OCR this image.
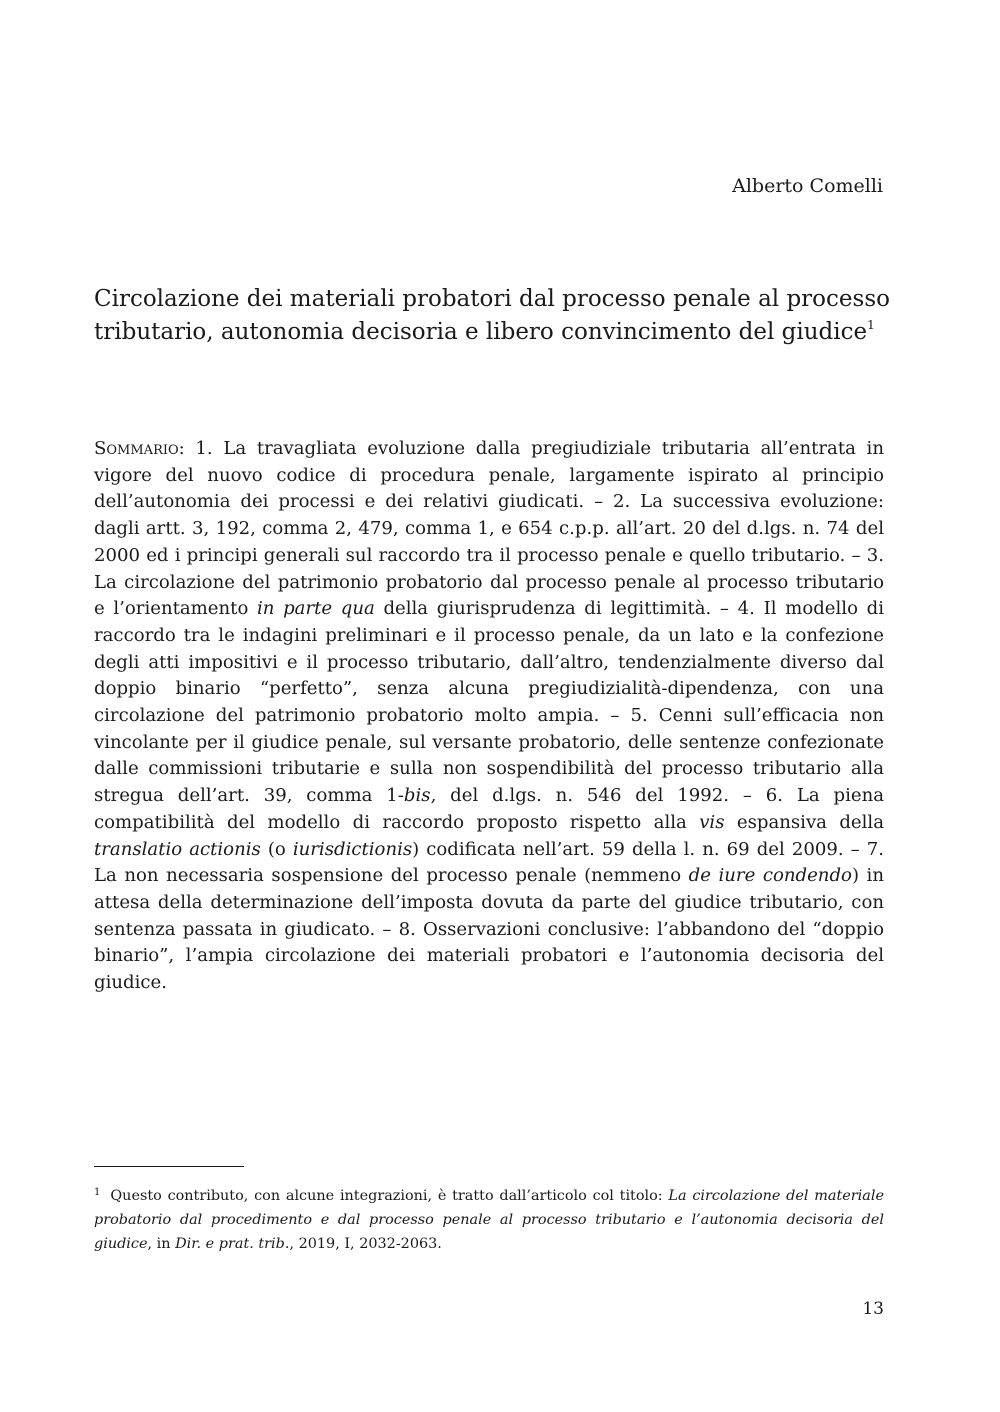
Alberto Comelli

Circolazione dei materiali probatori dal processo penale al processo tributario, autonomia decisoria e libero convincimento del giudice$^1$

Sommario: 1. La travagliata evoluzione dalla pregiudiziale tributaria all’entrata in vigore del nuovo codice di procedura penale, largamente ispirato al principio dell’autonomia dei processi e dei relativi giudicati. – 2. La successiva evoluzione: dagli artt. 3, 192, comma 2, 479, comma 1, e 654 c.p.p. all’art. 20 del d.lgs. n. 74 del 2000 ed i principi generali sul raccordo tra il processo penale e quello tributario. – 3. La circolazione del patrimonio probatorio dal processo penale al processo tributario e l’orientamento in parte qua della giurisprudenza di legittimità. – 4. Il modello di raccordo tra le indagini preliminari e il processo penale, da un lato e la confezione degli atti impositivi e il processo tributario, dall’altro, tendenzialmente diverso dal doppio binario “perfetto”, senza alcuna pregiudizialità-dipendenza, con una circolazione del patrimonio probatorio molto ampia. – 5. Cenni sull’efficacia non vincolante per il giudice penale, sul versante probatorio, delle sentenze confezionate dalle commissioni tributarie e sulla non sospendibilità del processo tributario alla stregua dell’art. 39, comma 1-bis, del d.lgs. n. 546 del 1992. – 6. La piena compatibilità del modello di raccordo proposto rispetto alla vis espansiva della translatio actionis (o iurisdictionis) codificata nell’art. 59 della l. n. 69 del 2009. – 7. La non necessaria sospensione del processo penale (nemmeno de iure condendo) in attesa della determinazione dell’imposta dovuta da parte del giudice tributario, con sentenza passata in giudicato. – 8. Osservazioni conclusive: l’abbandono del “doppio binario”, l’ampia circolazione dei materiali probatori e l’autonomia decisoria del giudice.

$^1$ Questo contributo, con alcune integrazioni, è tratto dall’articolo col titolo: La circolazione del materiale probatorio dal procedimento e dal processo penale al processo tributario e l’autonomia decisoria del giudice, in Dir. e prat. trib., 2019, I, 2032-2063.

13
